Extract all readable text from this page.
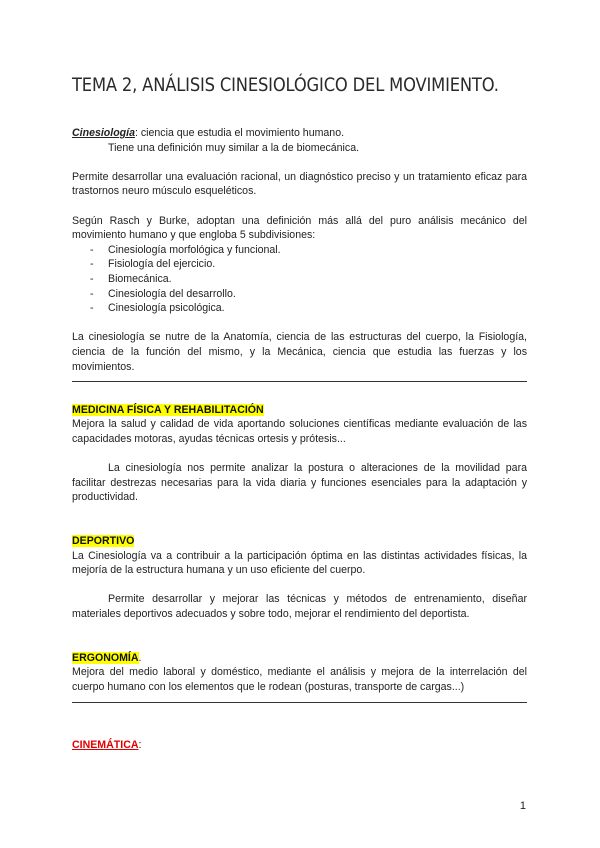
TEMA 2, ANÁLISIS CINESIOLÓGICO DEL MOVIMIENTO.

Cinesiología: ciencia que estudia el movimiento humano.

Tiene una definición muy similar a la de biomecánica.

Permite desarrollar una evaluación racional, un diagnóstico preciso y un tratamiento eficaz para trastornos neuro músculo esqueléticos.

Según Rasch y Burke, adoptan una definición más allá del puro análisis mecánico del movimiento humano y que engloba 5 subdivisiones:

- Cinesiología morfológica y funcional.
- Fisiología del ejercicio.
- Biomecánica.
- Cinesiología del desarrollo.
- Cinesiología psicológica.

La cinesiología se nutre de la Anatomía, ciencia de las estructuras del cuerpo, la Fisiología, ciencia de la función del mismo, y la Mecánica, ciencia que estudia las fuerzas y los movimientos.

MEDICINA FÍSICA Y REHABILITACIÓN

Mejora la salud y calidad de vida aportando soluciones científicas mediante evaluación de las capacidades motoras, ayudas técnicas ortesis y prótesis...

La cinesiología nos permite analizar la postura o alteraciones de la movilidad para facilitar destrezas necesarias para la vida diaria y funciones esenciales para la adaptación y productividad.

DEPORTIVO

La Cinesiología va a contribuir a la participación óptima en las distintas actividades físicas, la mejoría de la estructura humana y un uso eficiente del cuerpo.

Permite desarrollar y mejorar las técnicas y métodos de entrenamiento, diseñar materiales deportivos adecuados y sobre todo, mejorar el rendimiento del deportista.

ERGONOMÍA.

Mejora del medio laboral y doméstico, mediante el análisis y mejora de la interrelación del cuerpo humano con los elementos que le rodean (posturas, transporte de cargas...)

CINEMÁTICA:

1
